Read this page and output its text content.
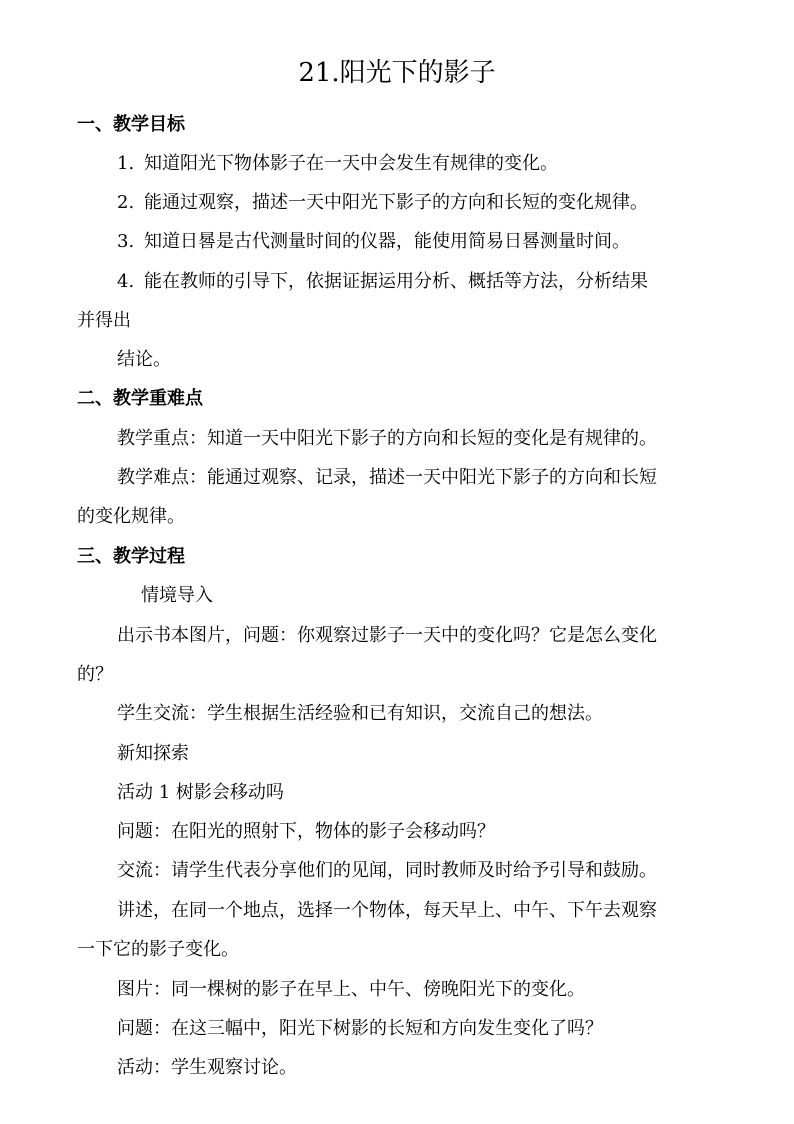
21.阳光下的影子
一、教学目标
1. 知道阳光下物体影子在一天中会发生有规律的变化。
2. 能通过观察，描述一天中阳光下影子的方向和长短的变化规律。
3. 知道日晷是古代测量时间的仪器，能使用简易日晷测量时间。
4. 能在教师的引导下，依据证据运用分析、概括等方法，分析结果
并得出
结论。
二、教学重难点
教学重点：知道一天中阳光下影子的方向和长短的变化是有规律的。
教学难点：能通过观察、记录，描述一天中阳光下影子的方向和长短
的变化规律。
三、教学过程
情境导入
出示书本图片，问题：你观察过影子一天中的变化吗？它是怎么变化
的？
学生交流：学生根据生活经验和已有知识，交流自己的想法。
新知探索
活动 1 树影会移动吗
问题：在阳光的照射下，物体的影子会移动吗？
交流：请学生代表分享他们的见闻，同时教师及时给予引导和鼓励。
讲述，在同一个地点，选择一个物体，每天早上、中午、下午去观察
一下它的影子变化。
图片：同一棵树的影子在早上、中午、傍晚阳光下的变化。
问题：在这三幅中，阳光下树影的长短和方向发生变化了吗？
活动：学生观察讨论。
